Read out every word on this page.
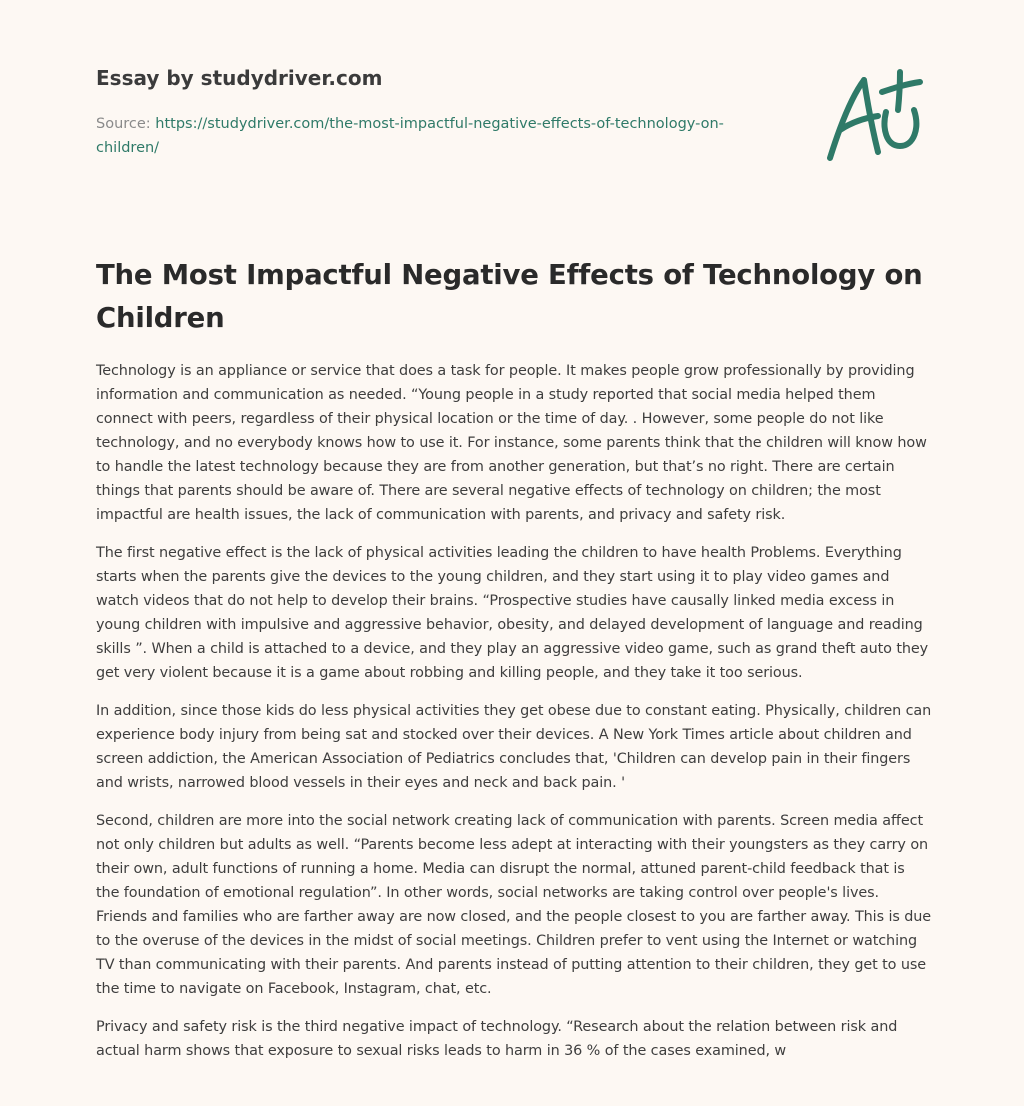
Essay by studydriver.com
Source: https://studydriver.com/the-most-impactful-negative-effects-of-technology-on-children/
The Most Impactful Negative Effects of Technology on Children

Technology is an appliance or service that does a task for people. It makes people grow professionally by providing information and communication as needed. “Young people in a study reported that social media helped them connect with peers, regardless of their physical location or the time of day. . However, some people do not like technology, and no everybody knows how to use it. For instance, some parents think that the children will know how to handle the latest technology because they are from another generation, but that’s no right. There are certain things that parents should be aware of. There are several negative effects of technology on children; the most impactful are health issues, the lack of communication with parents, and privacy and safety risk.

The first negative effect is the lack of physical activities leading the children to have health Problems. Everything starts when the parents give the devices to the young children, and they start using it to play video games and watch videos that do not help to develop their brains. “Prospective studies have causally linked media excess in young children with impulsive and aggressive behavior, obesity, and delayed development of language and reading skills ”. When a child is attached to a device, and they play an aggressive video game, such as grand theft auto they get very violent because it is a game about robbing and killing people, and they take it too serious.

In addition, since those kids do less physical activities they get obese due to constant eating. Physically, children can experience body injury from being sat and stocked over their devices. A New York Times article about children and screen addiction, the American Association of Pediatrics concludes that, 'Children can develop pain in their fingers and wrists, narrowed blood vessels in their eyes and neck and back pain. '

Second, children are more into the social network creating lack of communication with parents. Screen media affect not only children but adults as well. “Parents become less adept at interacting with their youngsters as they carry on their own, adult functions of running a home. Media can disrupt the normal, attuned parent-child feedback that is the foundation of emotional regulation”. In other words, social networks are taking control over people's lives. Friends and families who are farther away are now closed, and the people closest to you are farther away. This is due to the overuse of the devices in the midst of social meetings. Children prefer to vent using the Internet or watching TV than communicating with their parents. And parents instead of putting attention to their children, they get to use the time to navigate on Facebook, Instagram, chat, etc.

Privacy and safety risk is the third negative impact of technology. “Research about the relation between risk and actual harm shows that exposure to sexual risks leads to harm in 36 % of the cases examined, w
